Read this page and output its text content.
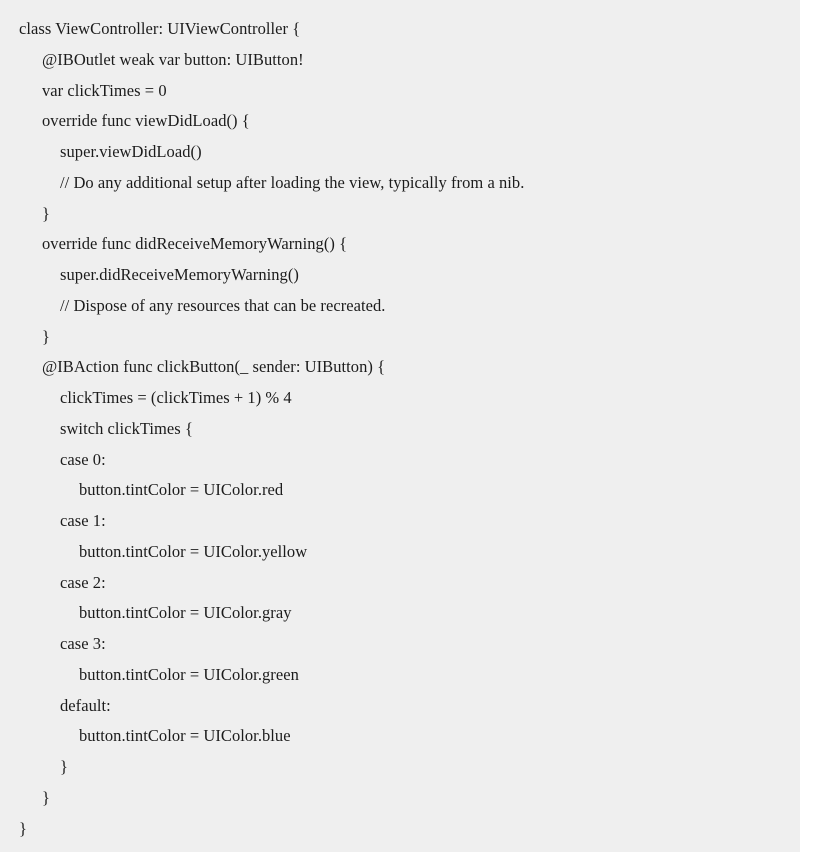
class ViewController: UIViewController {
@IBOutlet weak var button: UIButton!
var clickTimes = 0
override func viewDidLoad() {
super.viewDidLoad()
// Do any additional setup after loading the view, typically from a nib.
}
override func didReceiveMemoryWarning() {
super.didReceiveMemoryWarning()
// Dispose of any resources that can be recreated.
}
@IBAction func clickButton(_ sender: UIButton) {
clickTimes = (clickTimes + 1) % 4
switch clickTimes {
case 0:
button.tintColor = UIColor.red
case 1:
button.tintColor = UIColor.yellow
case 2:
button.tintColor = UIColor.gray
case 3:
button.tintColor = UIColor.green
default:
button.tintColor = UIColor.blue
}
}
}
